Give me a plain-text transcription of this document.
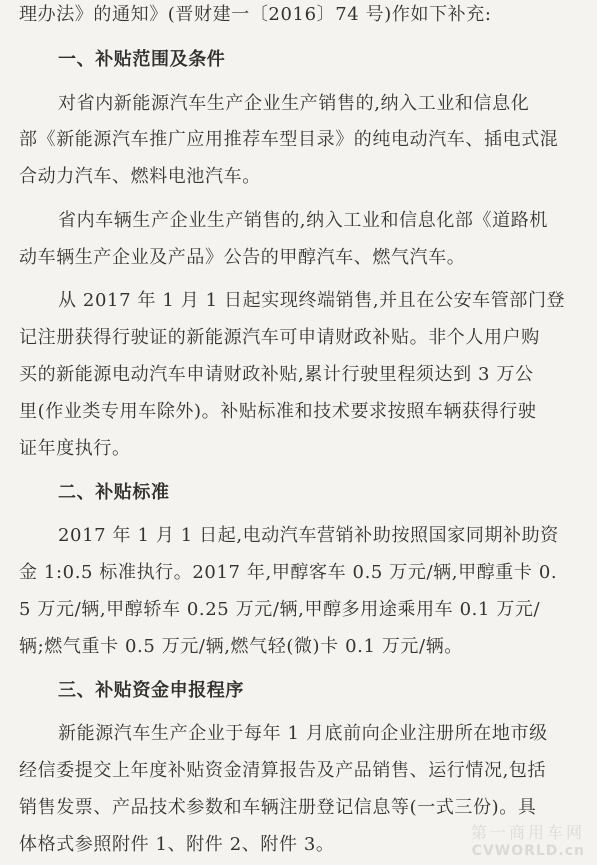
理办法》的通知》(晋财建一〔2016〕74 号)作如下补充:
一、补贴范围及条件
对省内新能源汽车生产企业生产销售的,纳入工业和信息化
部《新能源汽车推广应用推荐车型目录》的纯电动汽车、插电式混
合动力汽车、燃料电池汽车。
省内车辆生产企业生产销售的,纳入工业和信息化部《道路机
动车辆生产企业及产品》公告的甲醇汽车、燃气汽车。
从 2017 年 1 月 1 日起实现终端销售,并且在公安车管部门登
记注册获得行驶证的新能源汽车可申请财政补贴。非个人用户购
买的新能源电动汽车申请财政补贴,累计行驶里程须达到 3 万公
里(作业类专用车除外)。补贴标准和技术要求按照车辆获得行驶
证年度执行。
二、补贴标准
2017 年 1 月 1 日起,电动汽车营销补助按照国家同期补助资
金 1:0.5 标准执行。2017 年,甲醇客车 0.5 万元/辆,甲醇重卡 0.
5 万元/辆,甲醇轿车 0.25 万元/辆,甲醇多用途乘用车 0.1 万元/
辆;燃气重卡 0.5 万元/辆,燃气轻(微)卡 0.1 万元/辆。
三、补贴资金申报程序
新能源汽车生产企业于每年 1 月底前向企业注册所在地市级
经信委提交上年度补贴资金清算报告及产品销售、运行情况,包括
销售发票、产品技术参数和车辆注册登记信息等(一式三份)。具
体格式参照附件 1、附件 2、附件 3。
第一商用车网
CVWORLD.cn
